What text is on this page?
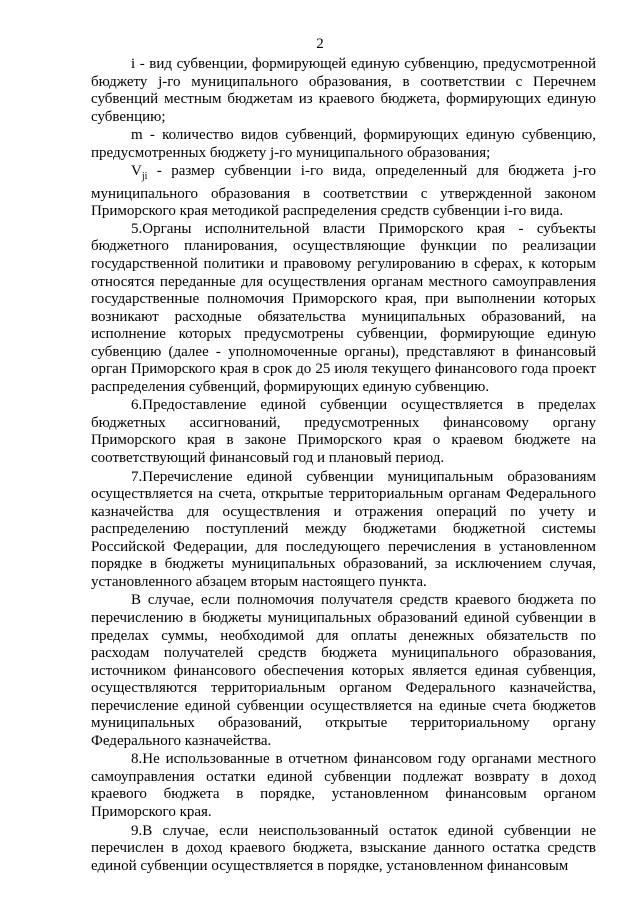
2

i - вид субвенции, формирующей единую субвенцию, предусмотренной бюджету j-го муниципального образования, в соответствии с Перечнем субвенций местным бюджетам из краевого бюджета, формирующих единую субвенцию;

m - количество видов субвенций, формирующих единую субвенцию, предусмотренных бюджету j-го муниципального образования;

$V_{ji}$ - размер субвенции i-го вида, определенный для бюджета j-го муниципального образования в соответствии с утвержденной законом Приморского края методикой распределения средств субвенции i-го вида.

5.Органы исполнительной власти Приморского края - субъекты бюджетного планирования, осуществляющие функции по реализации государственной политики и правовому регулированию в сферах, к которым относятся переданные для осуществления органам местного самоуправления государственные полномочия Приморского края, при выполнении которых возникают расходные обязательства муниципальных образований, на исполнение которых предусмотрены субвенции, формирующие единую субвенцию (далее - уполномоченные органы), представляют в финансовый орган Приморского края в срок до 25 июля текущего финансового года проект распределения субвенций, формирующих единую субвенцию.

6.Предоставление единой субвенции осуществляется в пределах бюджетных ассигнований, предусмотренных финансовому органу Приморского края в законе Приморского края о краевом бюджете на соответствующий финансовый год и плановый период.

7.Перечисление единой субвенции муниципальным образованиям осуществляется на счета, открытые территориальным органам Федерального казначейства для осуществления и отражения операций по учету и распределению поступлений между бюджетами бюджетной системы Российской Федерации, для последующего перечисления в установленном порядке в бюджеты муниципальных образований, за исключением случая, установленного абзацем вторым настоящего пункта.

В случае, если полномочия получателя средств краевого бюджета по перечислению в бюджеты муниципальных образований единой субвенции в пределах суммы, необходимой для оплаты денежных обязательств по расходам получателей средств бюджета муниципального образования, источником финансового обеспечения которых является единая субвенция, осуществляются территориальным органом Федерального казначейства, перечисление единой субвенции осуществляется на единые счета бюджетов муниципальных образований, открытые территориальному органу Федерального казначейства.

8.Не использованные в отчетном финансовом году органами местного самоуправления остатки единой субвенции подлежат возврату в доход краевого бюджета в порядке, установленном финансовым органом Приморского края.

9.В случае, если неиспользованный остаток единой субвенции не перечислен в доход краевого бюджета, взыскание данного остатка средств единой субвенции осуществляется в порядке, установленном финансовым
